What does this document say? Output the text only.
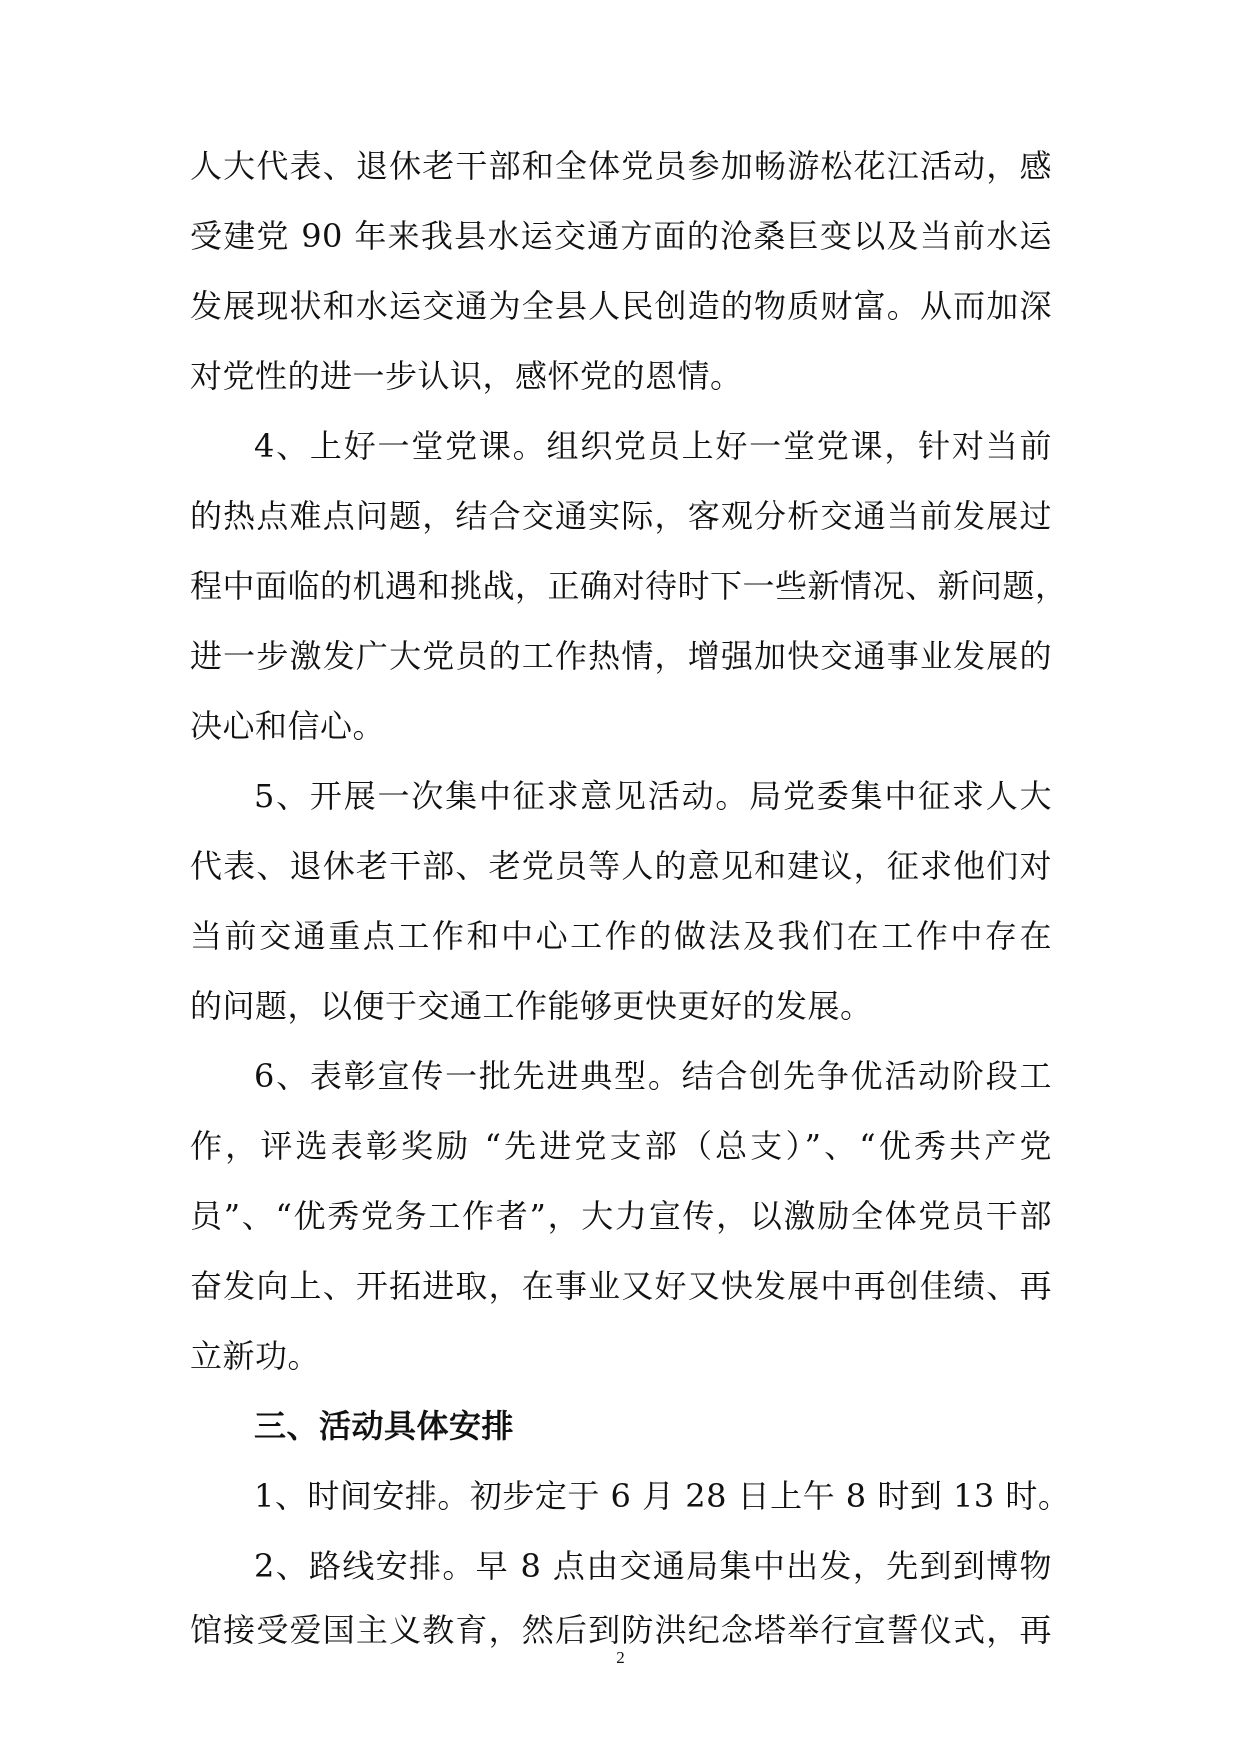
人大代表、退休老干部和全体党员参加畅游松花江活动，感
受建党 90 年来我县水运交通方面的沧桑巨变以及当前水运
发展现状和水运交通为全县人民创造的物质财富。从而加深
对党性的进一步认识，感怀党的恩情。
4、上好一堂党课。组织党员上好一堂党课，针对当前
的热点难点问题，结合交通实际，客观分析交通当前发展过
程中面临的机遇和挑战，正确对待时下一些新情况、新问题，
进一步激发广大党员的工作热情，增强加快交通事业发展的
决心和信心。
5、开展一次集中征求意见活动。局党委集中征求人大
代表、退休老干部、老党员等人的意见和建议，征求他们对
当前交通重点工作和中心工作的做法及我们在工作中存在
的问题，以便于交通工作能够更快更好的发展。
6、表彰宣传一批先进典型。结合创先争优活动阶段工
作，评选表彰奖励 “先进党支部（总支）”、“优秀共产党
员”、“优秀党务工作者”，大力宣传，以激励全体党员干部
奋发向上、开拓进取，在事业又好又快发展中再创佳绩、再
立新功。
三、活动具体安排
1、时间安排。初步定于 6 月 28 日上午 8 时到 13 时。
2、路线安排。早 8 点由交通局集中出发，先到到博物
馆接受爱国主义教育，然后到防洪纪念塔举行宣誓仪式，再
2
